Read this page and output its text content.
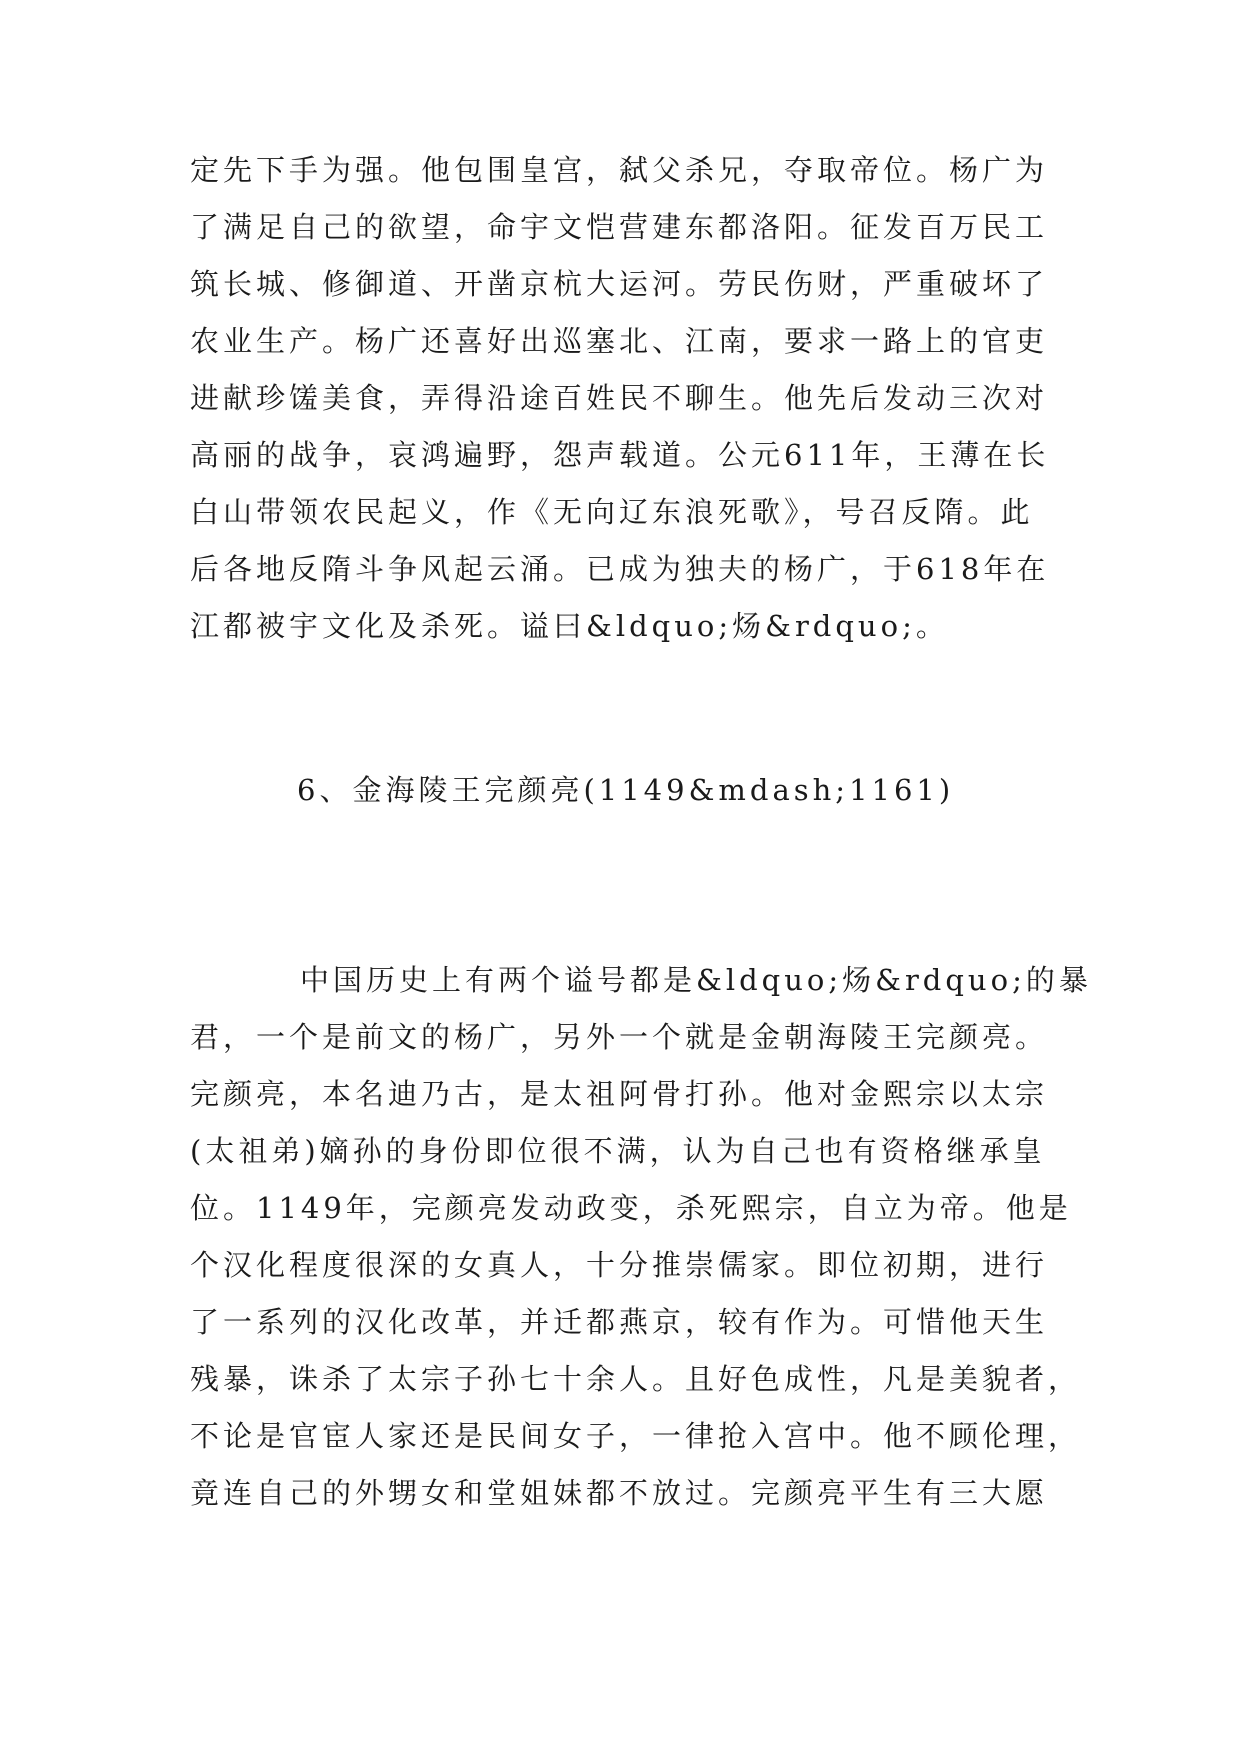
定先下手为强。他包围皇宫，弑父杀兄，夺取帝位。杨广为

了满足自己的欲望，命宇文恺营建东都洛阳。征发百万民工

筑长城、修御道、开凿京杭大运河。劳民伤财，严重破坏了

农业生产。杨广还喜好出巡塞北、江南，要求一路上的官吏

进献珍馐美食，弄得沿途百姓民不聊生。他先后发动三次对

高丽的战争，哀鸿遍野，怨声载道。公元611年，王薄在长

白山带领农民起义，作《无向辽东浪死歌》，号召反隋。此

后各地反隋斗争风起云涌。已成为独夫的杨广，于618年在

江都被宇文化及杀死。谥曰&ldquo;炀&rdquo;。

6、金海陵王完颜亮(1149&mdash;1161)

中国历史上有两个谥号都是&ldquo;炀&rdquo;的暴

君，一个是前文的杨广，另外一个就是金朝海陵王完颜亮。

完颜亮，本名迪乃古，是太祖阿骨打孙。他对金熙宗以太宗

(太祖弟)嫡孙的身份即位很不满，认为自己也有资格继承皇

位。1149年，完颜亮发动政变，杀死熙宗，自立为帝。他是

个汉化程度很深的女真人，十分推崇儒家。即位初期，进行

了一系列的汉化改革，并迁都燕京，较有作为。可惜他天生

残暴，诛杀了太宗子孙七十余人。且好色成性，凡是美貌者，

不论是官宦人家还是民间女子，一律抢入宫中。他不顾伦理，

竟连自己的外甥女和堂姐妹都不放过。完颜亮平生有三大愿
